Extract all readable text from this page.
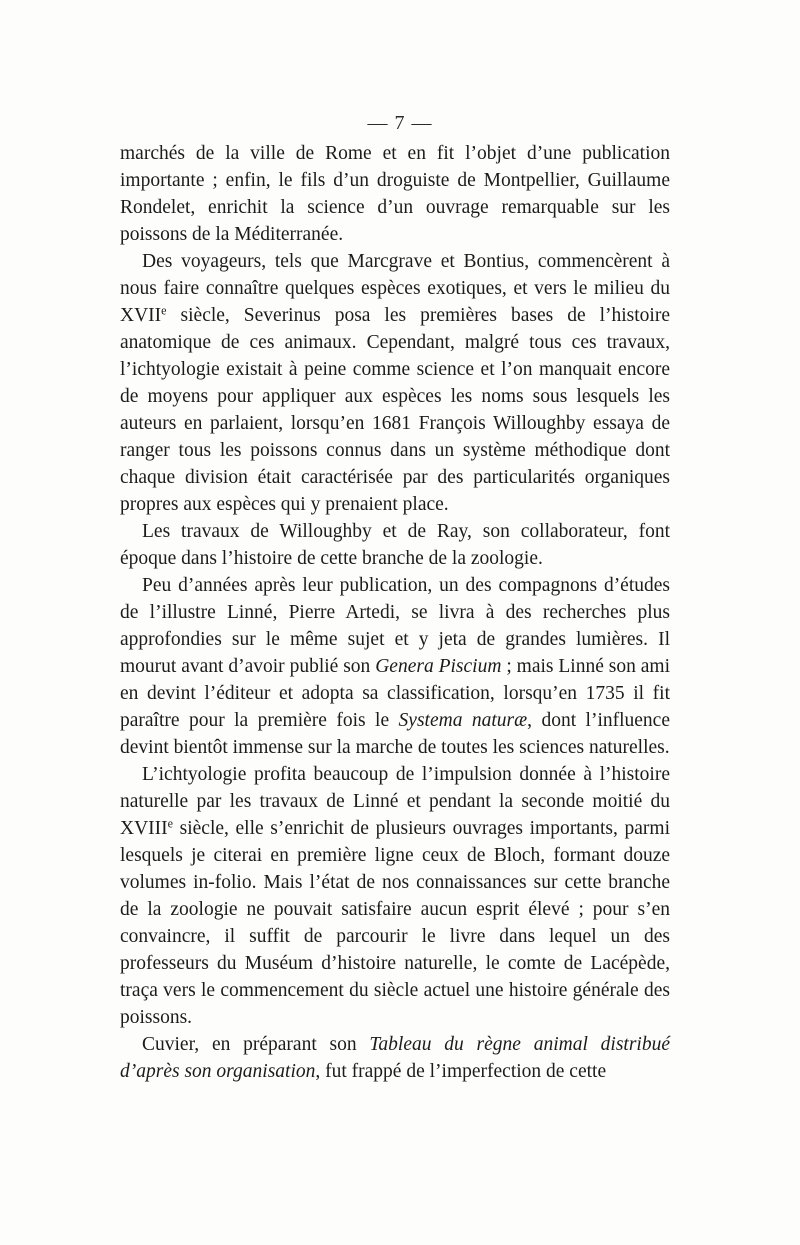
— 7 —

marchés de la ville de Rome et en fit l’objet d’une publication importante ; enfin, le fils d’un droguiste de Montpellier, Guillaume Rondelet, enrichit la science d’un ouvrage remarquable sur les poissons de la Méditerranée.

Des voyageurs, tels que Marcgrave et Bontius, commencèrent à nous faire connaître quelques espèces exotiques, et vers le milieu du XVIIe siècle, Severinus posa les premières bases de l’histoire anatomique de ces animaux. Cependant, malgré tous ces travaux, l’ichtyologie existait à peine comme science et l’on manquait encore de moyens pour appliquer aux espèces les noms sous lesquels les auteurs en parlaient, lorsqu’en 1681 François Willoughby essaya de ranger tous les poissons connus dans un système méthodique dont chaque division était caractérisée par des particularités organiques propres aux espèces qui y prenaient place.

Les travaux de Willoughby et de Ray, son collaborateur, font époque dans l’histoire de cette branche de la zoologie.

Peu d’années après leur publication, un des compagnons d’études de l’illustre Linné, Pierre Artedi, se livra à des recherches plus approfondies sur le même sujet et y jeta de grandes lumières. Il mourut avant d’avoir publié son Genera Piscium ; mais Linné son ami en devint l’éditeur et adopta sa classification, lorsqu’en 1735 il fit paraître pour la première fois le Systema naturæ, dont l’influence devint bientôt immense sur la marche de toutes les sciences naturelles.

L’ichtyologie profita beaucoup de l’impulsion donnée à l’histoire naturelle par les travaux de Linné et pendant la seconde moitié du XVIIIe siècle, elle s’enrichit de plusieurs ouvrages importants, parmi lesquels je citerai en première ligne ceux de Bloch, formant douze volumes in-folio. Mais l’état de nos connaissances sur cette branche de la zoologie ne pouvait satisfaire aucun esprit élevé ; pour s’en convaincre, il suffit de parcourir le livre dans lequel un des professeurs du Muséum d’histoire naturelle, le comte de Lacépède, traça vers le commencement du siècle actuel une histoire générale des poissons.

Cuvier, en préparant son Tableau du règne animal distribué d’après son organisation, fut frappé de l’imperfection de cette
